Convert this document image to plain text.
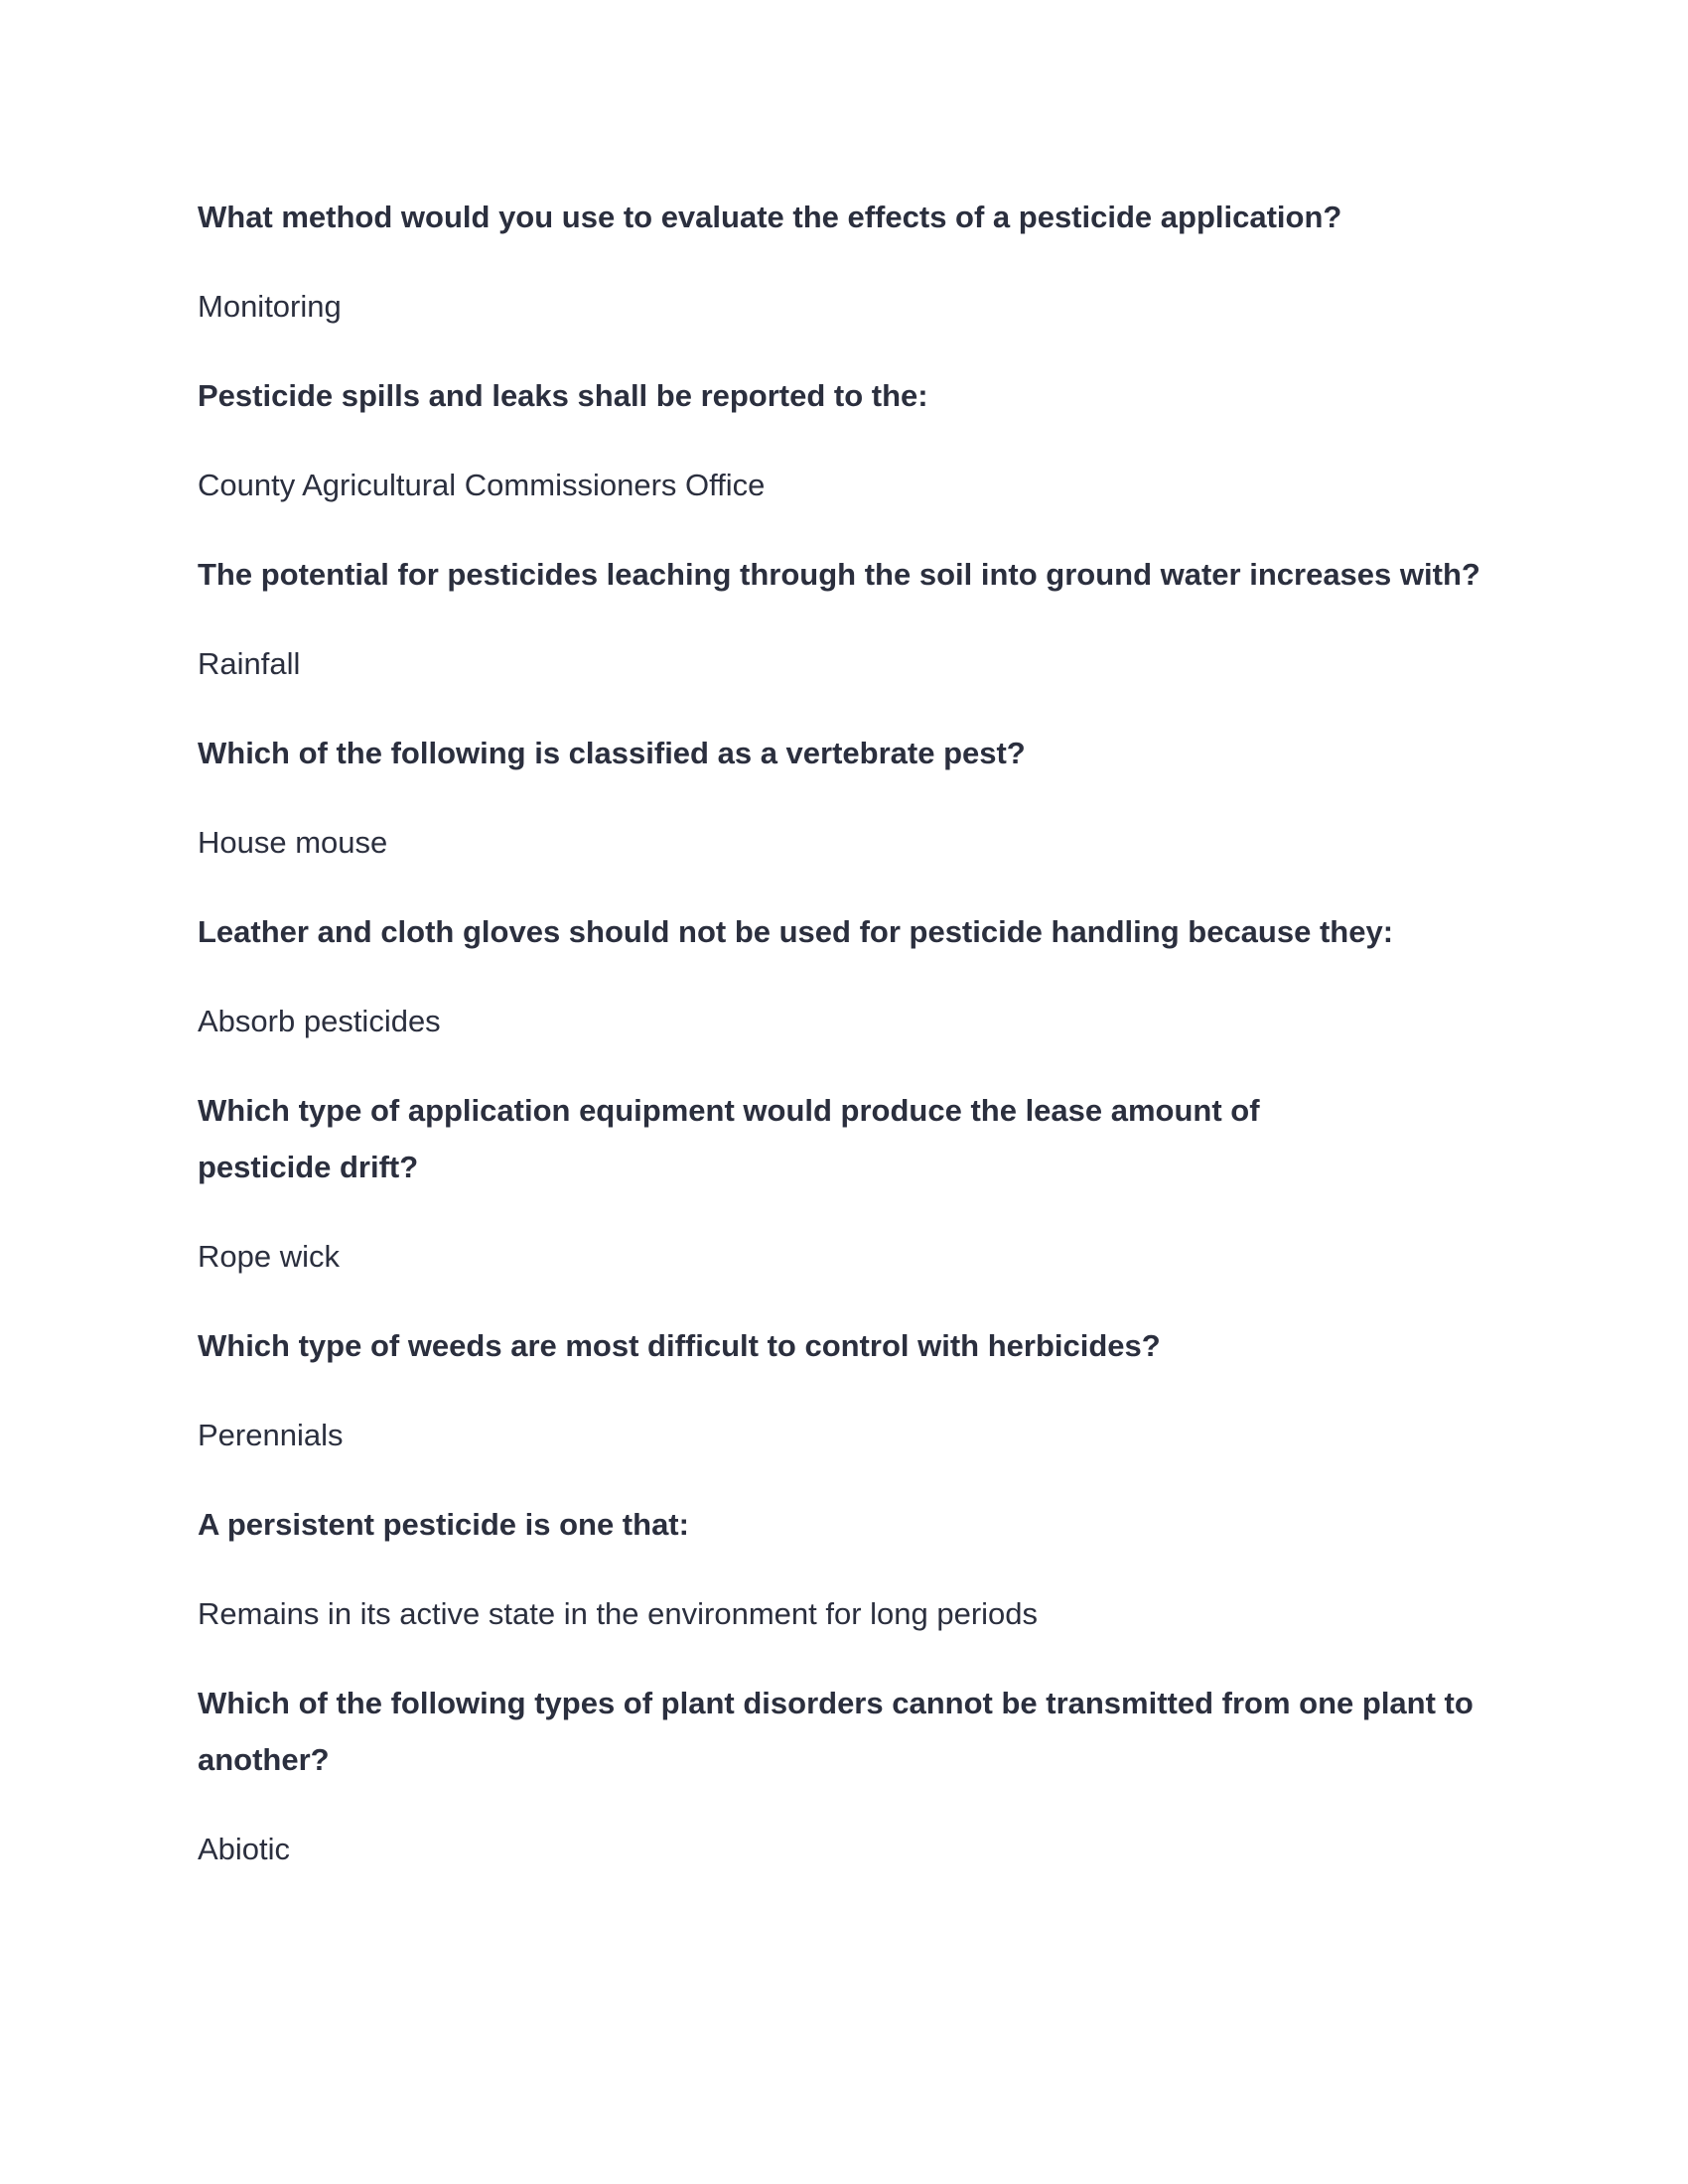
What method would you use to evaluate the effects of a pesticide application?

Monitoring

Pesticide spills and leaks shall be reported to the:

County Agricultural Commissioners Office

The potential for pesticides leaching through the soil into ground water increases with?

Rainfall

Which of the following is classified as a vertebrate pest?

House mouse

Leather and cloth gloves should not be used for pesticide handling because they:

Absorb pesticides

Which type of application equipment would produce the lease amount of pesticide drift?

Rope wick

Which type of weeds are most difficult to control with herbicides?

Perennials

A persistent pesticide is one that:

Remains in its active state in the environment for long periods

Which of the following types of plant disorders cannot be transmitted from one plant to another?

Abiotic
